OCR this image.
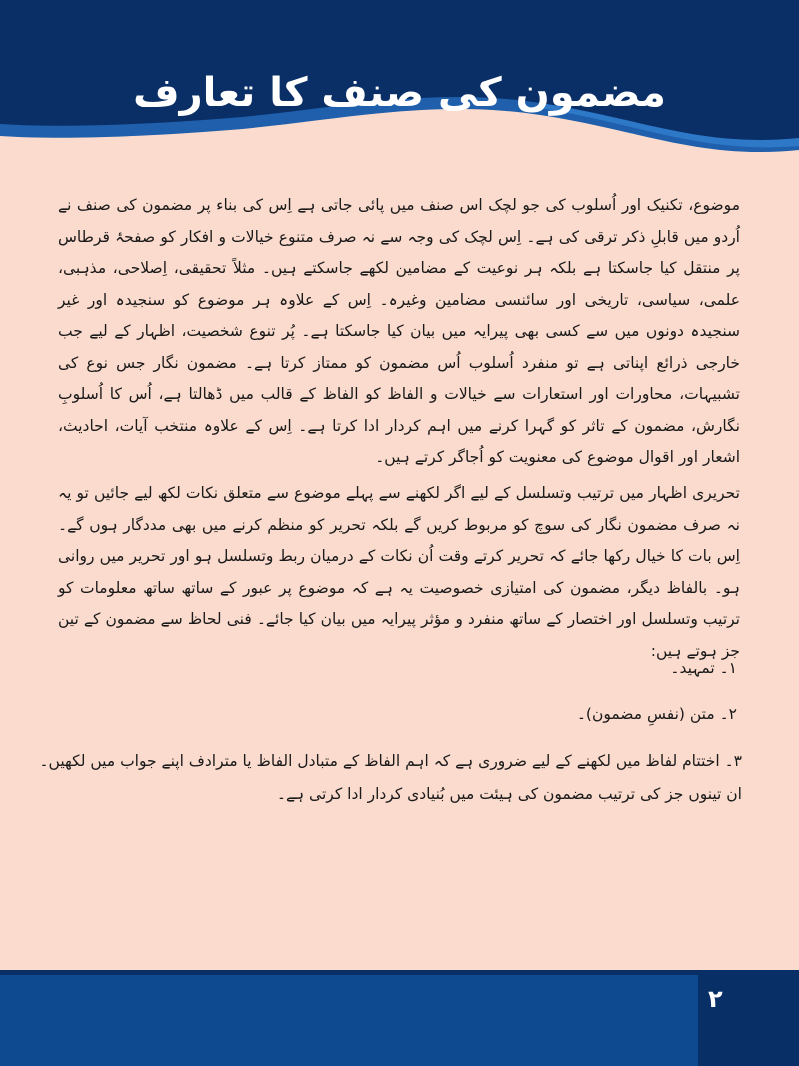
مضمون کی صنف کا تعارف

موضوع، تکنیک اور اُسلوب کی جو لچک اس صنف میں پائی جاتی ہے اِس کی بناء پر مضمون کی صنف نے اُردو میں قابلِ ذکر ترقی کی ہے۔ اِس لچک کی وجہ سے نہ صرف متنوع خیالات و افکار کو صفحۂ قرطاس پر منتقل کیا جاسکتا ہے بلکہ ہر نوعیت کے مضامین لکھے جاسکتے ہیں۔ مثلاً تحقیقی، اِصلاحی، مذہبی، علمی، سیاسی، تاریخی اور سائنسی مضامین وغیرہ۔ اِس کے علاوہ ہر موضوع کو سنجیدہ اور غیر سنجیدہ دونوں میں سے کسی بھی پیرایہ میں بیان کیا جاسکتا ہے۔ پُر تنوع شخصیت، اظہار کے لیے جب خارجی ذرائع اپناتی ہے تو منفرد اُسلوب اُس مضمون کو ممتاز کرتا ہے۔ مضمون نگار جس نوع کی تشبیہات، محاورات اور استعارات سے خیالات و الفاظ کو الفاظ کے قالب میں ڈھالتا ہے، اُس کا اُسلوبِ نگارش، مضمون کے تاثر کو گہرا کرنے میں اہم کردار ادا کرتا ہے۔ اِس کے علاوہ منتخب آیات، احادیث، اشعار اور اقوال موضوع کی معنویت کو اُجاگر کرتے ہیں۔

تحریری اظہار میں ترتیب وتسلسل کے لیے اگر لکھنے سے پہلے موضوع سے متعلق نکات لکھ لیے جائیں تو یہ نہ صرف مضمون نگار کی سوچ کو مربوط کریں گے بلکہ تحریر کو منظم کرنے میں بھی مددگار ہوں گے۔ اِس بات کا خیال رکھا جائے کہ تحریر کرتے وقت اُن نکات کے درمیان ربط وتسلسل ہو اور تحریر میں روانی ہو۔ بالفاظ دیگر، مضمون کی امتیازی خصوصیت یہ ہے کہ موضوع پر عبور کے ساتھ ساتھ معلومات کو ترتیب وتسلسل اور اختصار کے ساتھ منفرد و مؤثر پیرایہ میں بیان کیا جائے۔ فنی لحاظ سے مضمون کے تین جز ہوتے ہیں:

۱۔ تمہید۔
۲۔ متن (نفسِ مضمون)۔
۳۔ اختتام لفاظ میں لکھنے کے لیے ضروری ہے کہ اہم الفاظ کے متبادل الفاظ یا مترادف اپنے جواب میں لکھیں۔
ان تینوں جز کی ترتیب مضمون کی ہیئت میں بُنیادی کردار ادا کرتی ہے۔
۲
